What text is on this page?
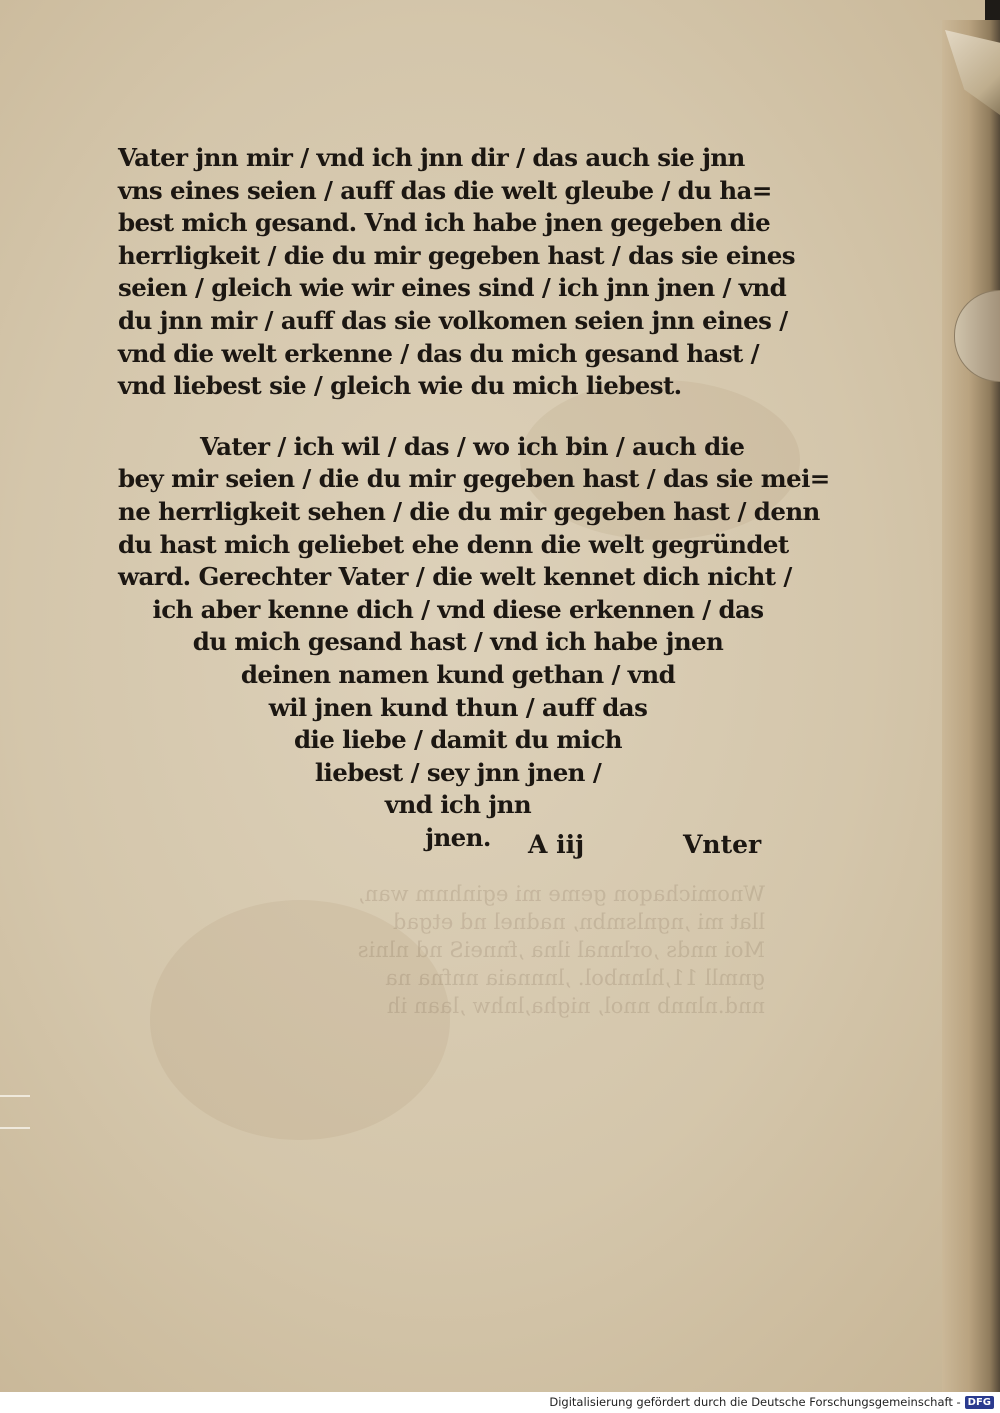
Wnomichaqon geme mi eginhnm wan,
llat mi ,ngnlsmbn, nadnel nd etgad
Moi nnds ,orlnnal ilna ,fnneiS nd nlnis
gnmll 11,hlnnbol. ,lnnnaia nnfna na
nnd.nlnnb nnol, nigha,lnhw ,laan ih
Vater jnn mir / vnd ich jnn dir / das auch sie jnn
vns eines seien / auff das die welt gleube / du ha=
best mich gesand. Vnd ich habe jnen gegeben die
herrligkeit / die du mir gegeben hast / das sie eines
seien / gleich wie wir eines sind / ich jnn jnen / vnd
du jnn mir / auff das sie volkomen seien jnn eines /
vnd die welt erkenne / das du mich gesand hast /
vnd liebest sie / gleich wie du mich liebest.
Vater / ich wil / das / wo ich bin / auch die
bey mir seien / die du mir gegeben hast / das sie mei=
ne herrligkeit sehen / die du mir gegeben hast / denn
du hast mich geliebet ehe denn die welt gegründet
ward. Gerechter Vater / die welt kennet dich nicht /
ich aber kenne dich / vnd diese erkennen / das
du mich gesand hast / vnd ich habe jnen
deinen namen kund gethan / vnd
wil jnen kund thun / auff das
die liebe / damit du mich
liebest / sey jnn jnen /
vnd ich jnn
jnen.	A iij	Vnter
Digitalisierung gefördert durch die Deutsche Forschungsgemeinschaft - DFG
